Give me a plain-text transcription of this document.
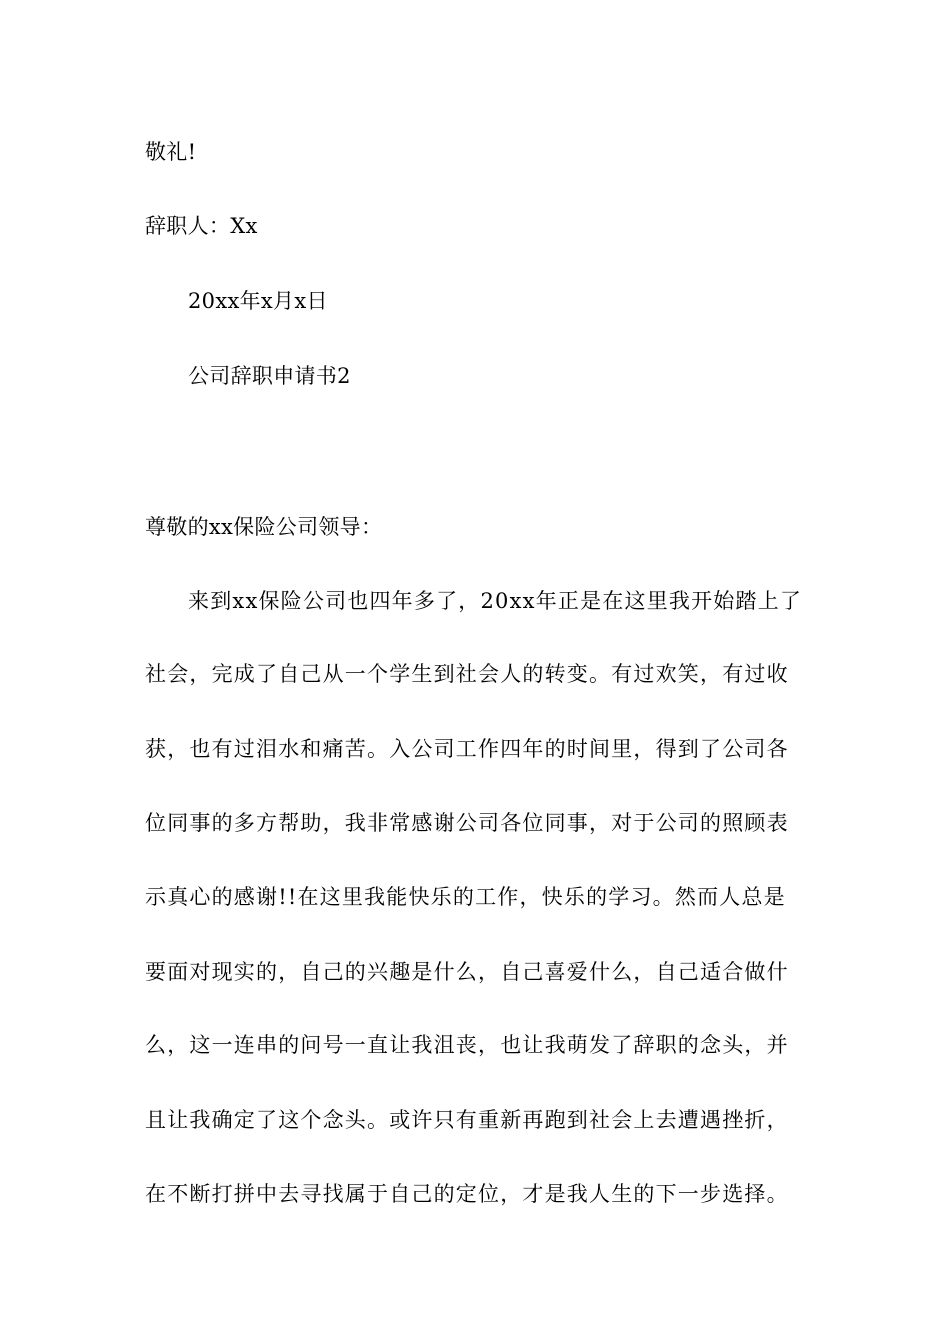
敬礼!
辞职人：Xx
20xx年x月x日
公司辞职申请书2
尊敬的xx保险公司领导：
来到xx保险公司也四年多了，20xx年正是在这里我开始踏上了
社会，完成了自己从一个学生到社会人的转变。有过欢笑，有过收
获，也有过泪水和痛苦。入公司工作四年的时间里，得到了公司各
位同事的多方帮助，我非常感谢公司各位同事，对于公司的照顾表
示真心的感谢!!在这里我能快乐的工作，快乐的学习。然而人总是
要面对现实的，自己的兴趣是什么，自己喜爱什么，自己适合做什
么，这一连串的问号一直让我沮丧，也让我萌发了辞职的念头，并
且让我确定了这个念头。或许只有重新再跑到社会上去遭遇挫折，
在不断打拼中去寻找属于自己的定位，才是我人生的下一步选择。
